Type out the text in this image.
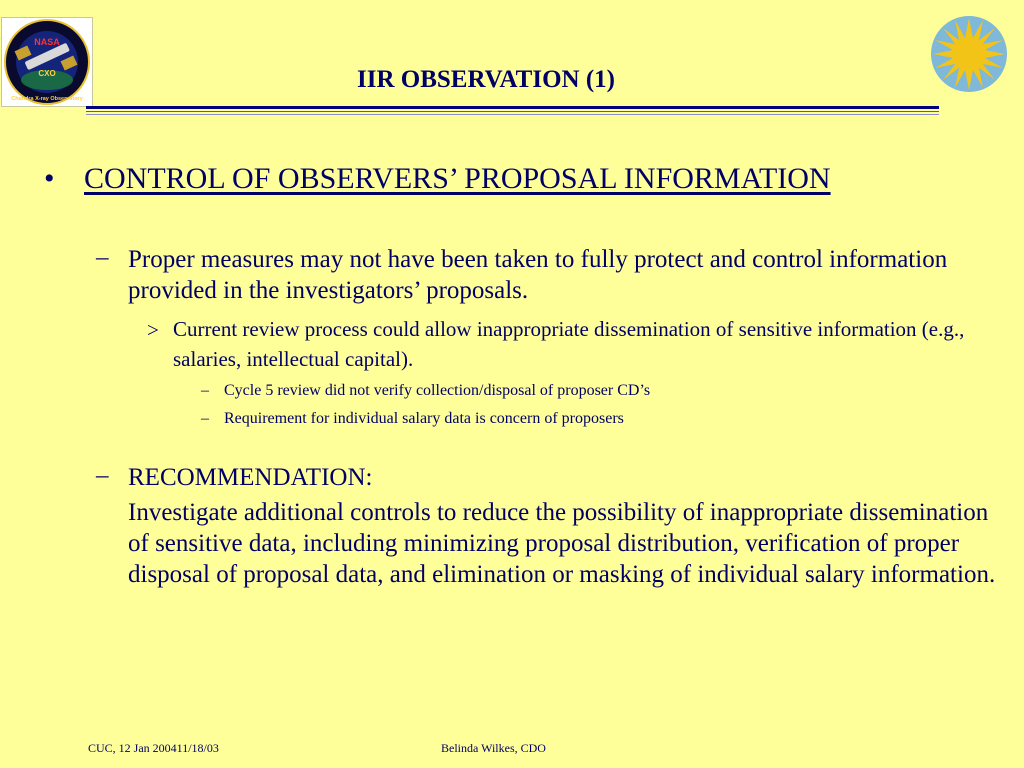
NASA
CXO
Chandra X-ray Observatory
IIR OBSERVATION (1)
• CONTROL OF OBSERVERS’ PROPOSAL INFORMATION
– Proper measures may not have been taken to fully protect and control information provided in the investigators’ proposals.
> Current review process could allow inappropriate dissemination of sensitive information (e.g., salaries, intellectual capital).
– Cycle 5 review did not verify collection/disposal of proposer CD’s
– Requirement for individual salary data is concern of proposers
– RECOMMENDATION:
Investigate additional controls to reduce the possibility of inappropriate dissemination of sensitive data, including minimizing proposal distribution, verification of proper disposal of proposal data, and elimination or masking of individual salary information.
CUC, 12 Jan 200411/18/03	Belinda Wilkes, CDO
